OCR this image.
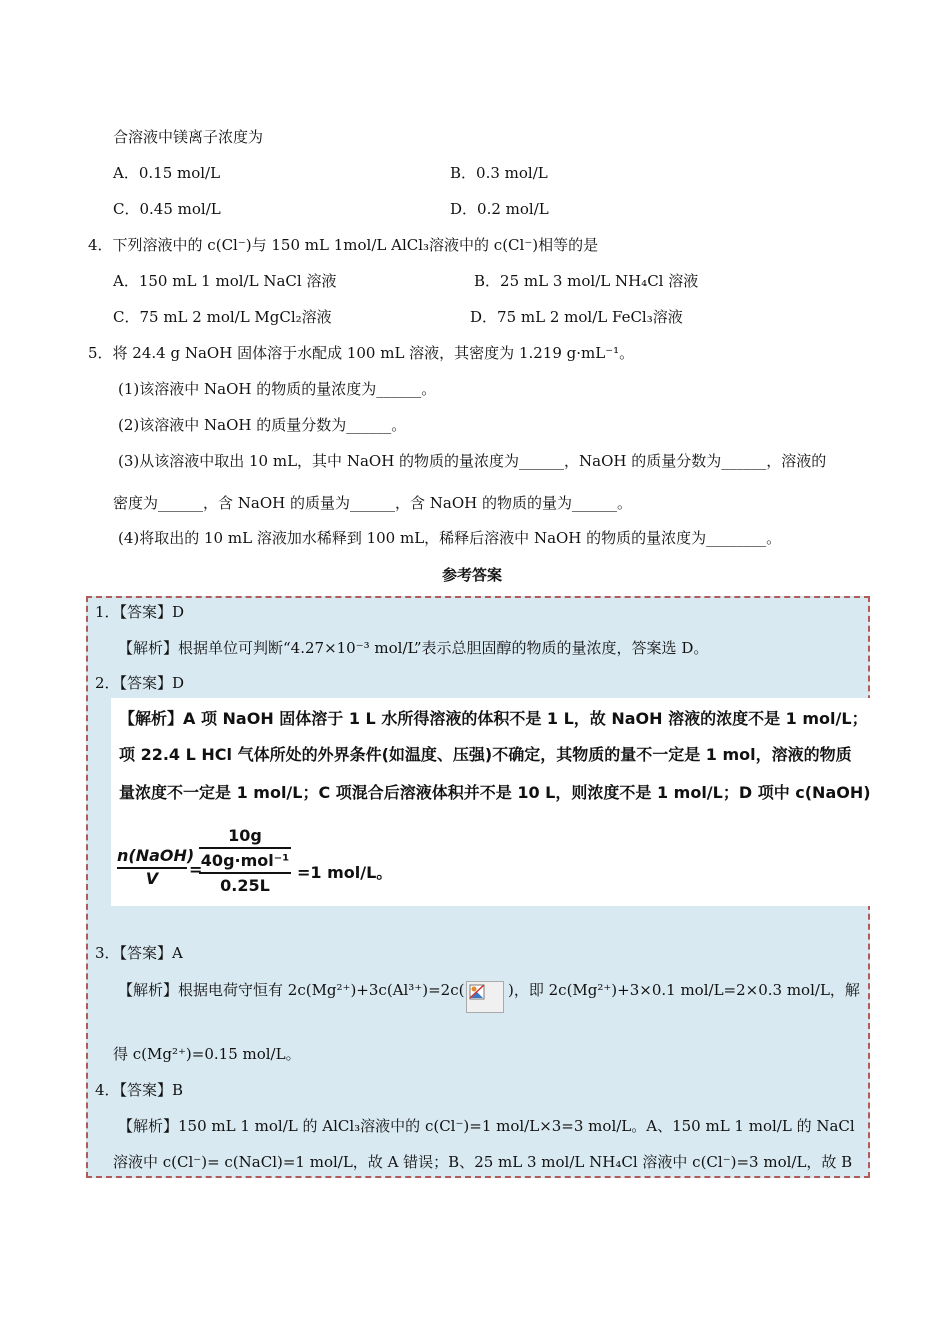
合溶液中镁离子浓度为
A．0.15 mol/L	B．0.3 mol/L
C．0.45 mol/L	D．0.2 mol/L
4．下列溶液中的 c(Cl⁻)与 150 mL 1mol/L AlCl₃溶液中的 c(Cl⁻)相等的是
A．150 mL 1 mol/L NaCl 溶液	B．25 mL 3 mol/L NH₄Cl 溶液
C．75 mL 2 mol/L MgCl₂溶液	D．75 mL 2 mol/L FeCl₃溶液
5．将 24.4 g NaOH 固体溶于水配成 100 mL 溶液，其密度为 1.219 g·mL⁻¹。
(1)该溶液中 NaOH 的物质的量浓度为______。
(2)该溶液中 NaOH 的质量分数为______。
(3)从该溶液中取出 10 mL，其中 NaOH 的物质的量浓度为______，NaOH 的质量分数为______，溶液的
密度为______，含 NaOH 的质量为______，含 NaOH 的物质的量为______。
(4)将取出的 10 mL 溶液加水稀释到 100 mL，稀释后溶液中 NaOH 的物质的量浓度为________。
参考答案
1．【答案】D
【解析】根据单位可判断“4.27×10⁻³ mol/L”表示总胆固醇的物质的量浓度，答案选 D。
2．【答案】D
【解析】A 项 NaOH 固体溶于 1 L 水所得溶液的体积不是 1 L，故 NaOH 溶液的浓度不是 1 mol/L；
项 22.4 L HCl 气体所处的外界条件(如温度、压强)不确定，其物质的量不一定是 1 mol，溶液的物质
量浓度不一定是 1 mol/L；C 项混合后溶液体积并不是 10 L，则浓度不是 1 mol/L；D 项中 c(NaOH)
n(NaOH)
V	=
10g
40g·mol⁻¹
0.25L
=1 mol/L。
3．【答案】A
【解析】根据电荷守恒有 2c(Mg²⁺)+3c(Al³⁺)=2c(	)，即 2c(Mg²⁺)+3×0.1 mol/L=2×0.3 mol/L，解
得 c(Mg²⁺)=0.15 mol/L。
4．【答案】B
【解析】150 mL 1 mol/L 的 AlCl₃溶液中的 c(Cl⁻)=1 mol/L×3=3 mol/L。A、150 mL 1 mol/L 的 NaCl
溶液中 c(Cl⁻)= c(NaCl)=1 mol/L，故 A 错误；B、25 mL 3 mol/L NH₄Cl 溶液中 c(Cl⁻)=3 mol/L，故 B
